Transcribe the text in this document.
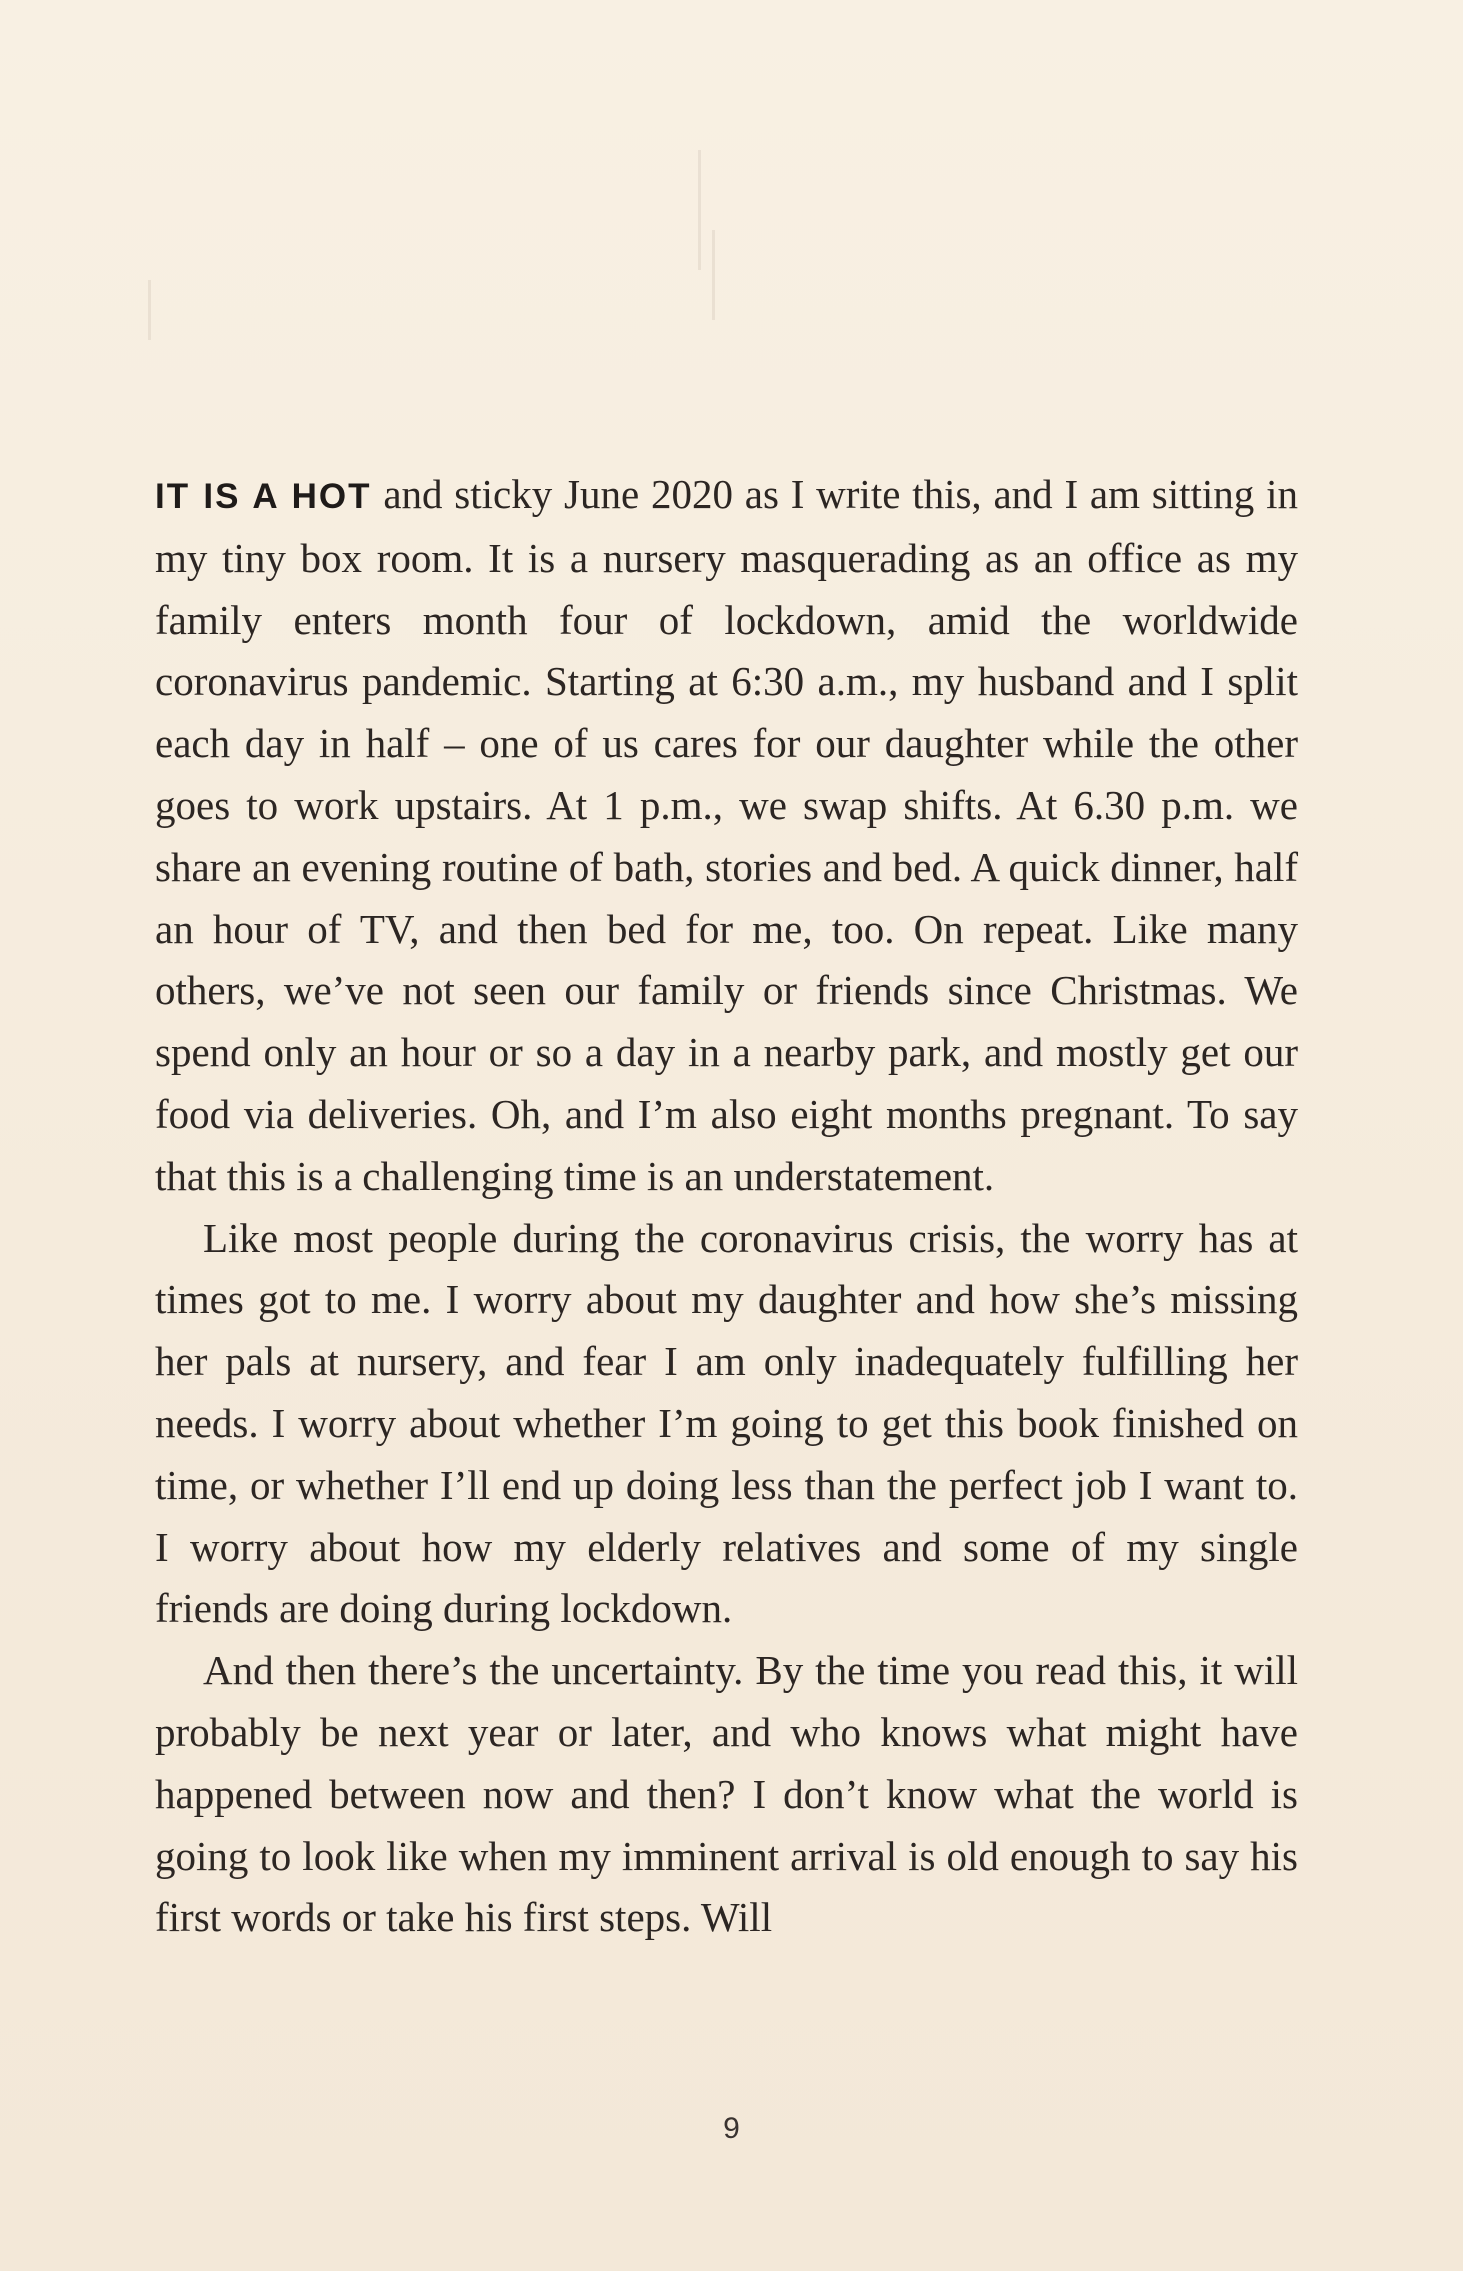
IT IS A HOT and sticky June 2020 as I write this, and I am sitting in my tiny box room. It is a nursery masquerading as an office as my family enters month four of lockdown, amid the worldwide coronavirus pandemic. Starting at 6:30 a.m., my husband and I split each day in half – one of us cares for our daughter while the other goes to work upstairs. At 1 p.m., we swap shifts. At 6.30 p.m. we share an evening routine of bath, stories and bed. A quick dinner, half an hour of TV, and then bed for me, too. On repeat. Like many others, we’ve not seen our family or friends since Christmas. We spend only an hour or so a day in a nearby park, and mostly get our food via deliveries. Oh, and I’m also eight months pregnant. To say that this is a challenging time is an understatement.

Like most people during the coronavirus crisis, the worry has at times got to me. I worry about my daughter and how she’s missing her pals at nursery, and fear I am only inadequately fulfilling her needs. I worry about whether I’m going to get this book finished on time, or whether I’ll end up doing less than the perfect job I want to. I worry about how my elderly relatives and some of my single friends are doing during lockdown.

And then there’s the uncertainty. By the time you read this, it will probably be next year or later, and who knows what might have happened between now and then? I don’t know what the world is going to look like when my imminent arrival is old enough to say his first words or take his first steps. Will

9
